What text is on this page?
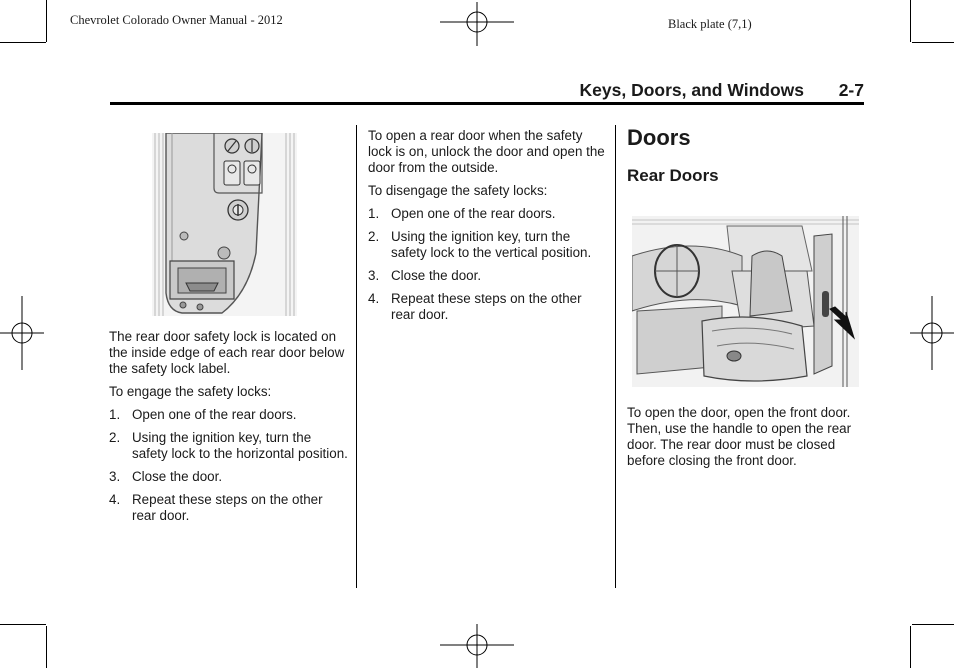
Chevrolet Colorado Owner Manual - 2012	Black plate (7,1)
Keys, Doors, and Windows 2-7

The rear door safety lock is located on the inside edge of each rear door below the safety lock label.

To engage the safety locks:

1. Open one of the rear doors.
2. Using the ignition key, turn the safety lock to the horizontal position.
3. Close the door.
4. Repeat these steps on the other rear door.

To open a rear door when the safety lock is on, unlock the door and open the door from the outside.

To disengage the safety locks:

1. Open one of the rear doors.
2. Using the ignition key, turn the safety lock to the vertical position.
3. Close the door.
4. Repeat these steps on the other rear door.
Doors
Rear Doors

To open the door, open the front door. Then, use the handle to open the rear door. The rear door must be closed before closing the front door.
